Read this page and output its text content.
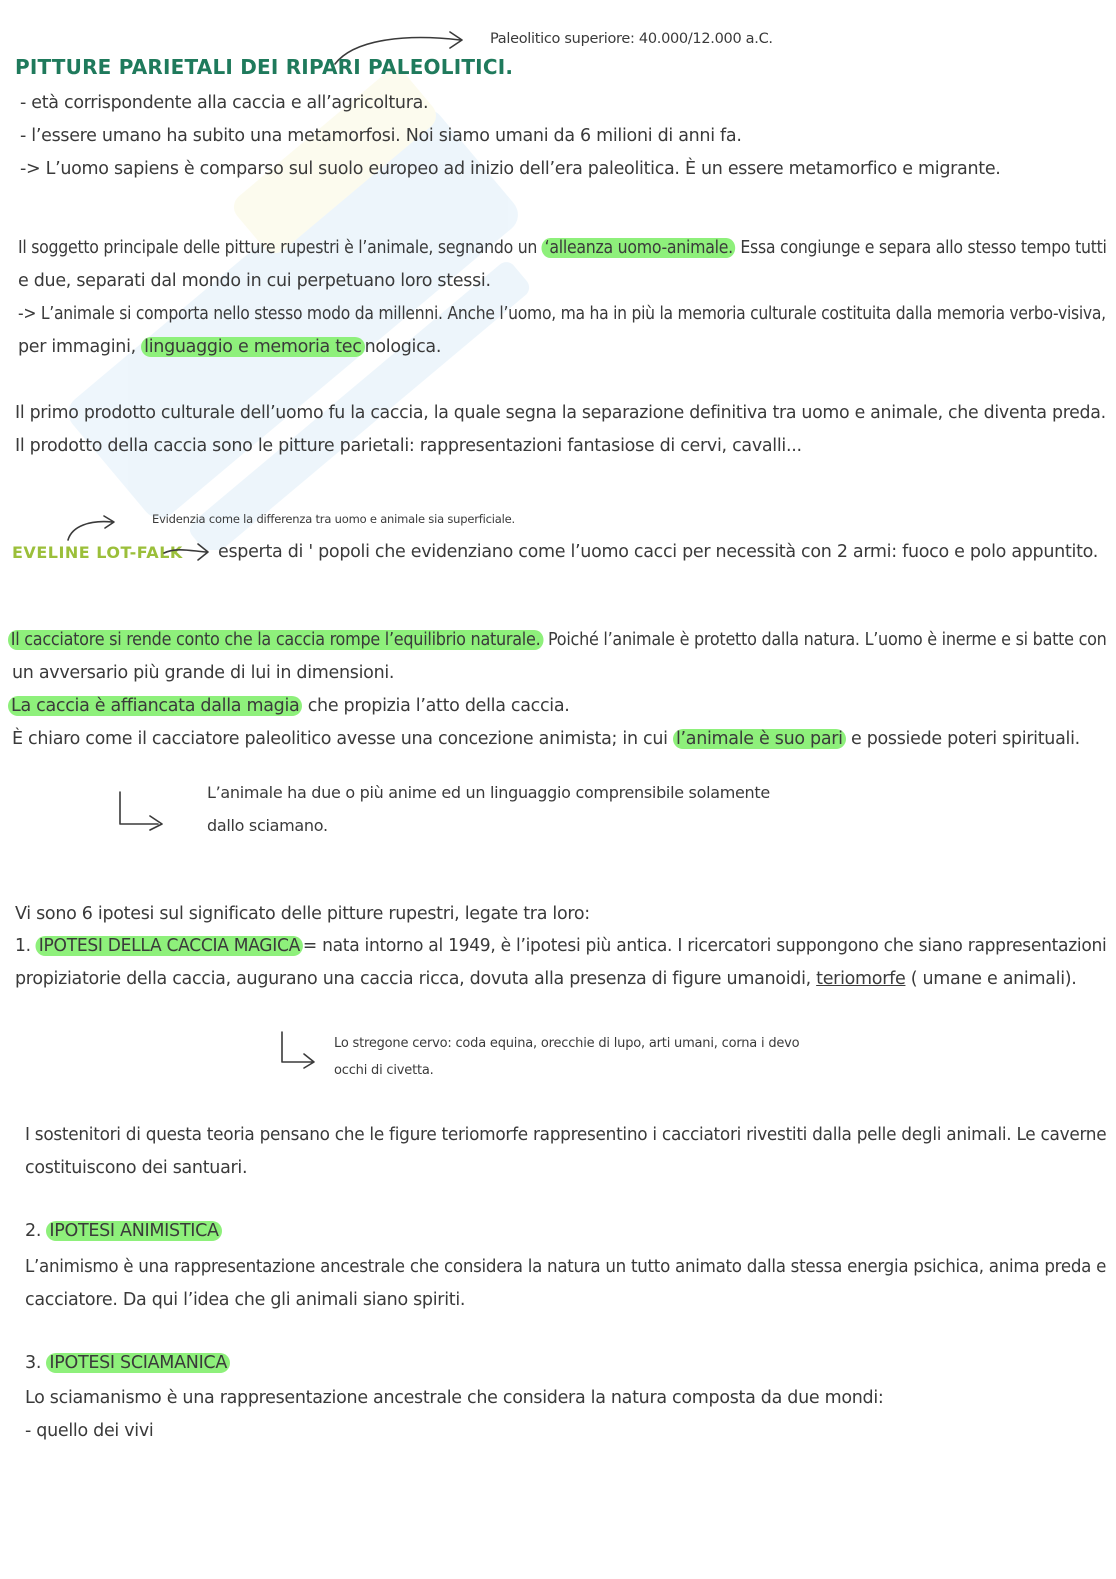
Paleolitico superiore: 40.000/12.000 a.C.
PITTURE PARIETALI DEI RIPARI PALEOLITICI.
- età corrispondente alla caccia e all’agricoltura.
- l’essere umano ha subito una metamorfosi. Noi siamo umani da 6 milioni di anni fa.
-> L’uomo sapiens è comparso sul suolo europeo ad inizio dell’era paleolitica. È un essere metamorfico e migrante.
Il soggetto principale delle pitture rupestri è l’animale, segnando un ‘alleanza uomo-animale. Essa congiunge e separa allo stesso tempo tutti
e due, separati dal mondo in cui perpetuano loro stessi.
-> L’animale si comporta nello stesso modo da millenni. Anche l’uomo, ma ha in più la memoria culturale costituita dalla memoria verbo-visiva,
per immagini, linguaggio e memoria tec nologica.
Il primo prodotto culturale dell’uomo fu la caccia, la quale segna la separazione definitiva tra uomo e animale, che diventa preda.
Il prodotto della caccia sono le pitture parietali: rappresentazioni fantasiose di cervi, cavalli...
Evidenzia come la differenza tra uomo e animale sia superficiale.
EVELINE LOT-FALK esperta di ' popoli che evidenziano come l’uomo cacci per necessità con 2 armi: fuoco e polo appuntito.
Il cacciatore si rende conto che la caccia rompe l’equilibrio naturale. Poiché l’animale è protetto dalla natura. L’uomo è inerme e si batte con
un avversario più grande di lui in dimensioni.
La caccia è affiancata dalla magia che propizia l’atto della caccia.
È chiaro come il cacciatore paleolitico avesse una concezione animista; in cui l’animale è suo pari e possiede poteri spirituali.
L’animale ha due o più anime ed un linguaggio comprensibile solamente
dallo sciamano.
Vi sono 6 ipotesi sul significato delle pitture rupestri, legate tra loro:
1. IPOTESI DELLA CACCIA MAGICA = nata intorno al 1949, è l’ipotesi più antica. I ricercatori suppongono che siano rappresentazioni
propiziatorie della caccia, augurano una caccia ricca, dovuta alla presenza di figure umanoidi, teriomorfe ( umane e animali).
Lo stregone cervo: coda equina, orecchie di lupo, arti umani, corna i devo
occhi di civetta.
I sostenitori di questa teoria pensano che le figure teriomorfe rappresentino i cacciatori rivestiti dalla pelle degli animali. Le caverne
costituiscono dei santuari.
2. IPOTESI ANIMISTICA
L’animismo è una rappresentazione ancestrale che considera la natura un tutto animato dalla stessa energia psichica, anima preda e
cacciatore. Da qui l’idea che gli animali siano spiriti.
3. IPOTESI SCIAMANICA
Lo sciamanismo è una rappresentazione ancestrale che considera la natura composta da due mondi:
- quello dei vivi
